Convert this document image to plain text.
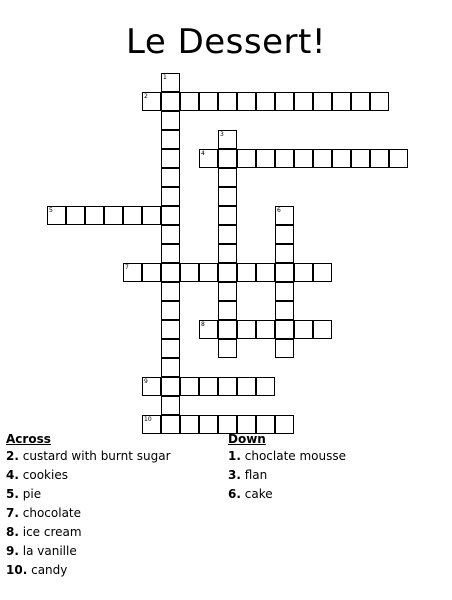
Le Dessert!
1
2
3
4
5	6
7
8
9
10
Across
2. custard with burnt sugar
4. cookies
5. pie
7. chocolate
8. ice cream
9. la vanille
10. candy
Down
1. choclate mousse
3. flan
6. cake
